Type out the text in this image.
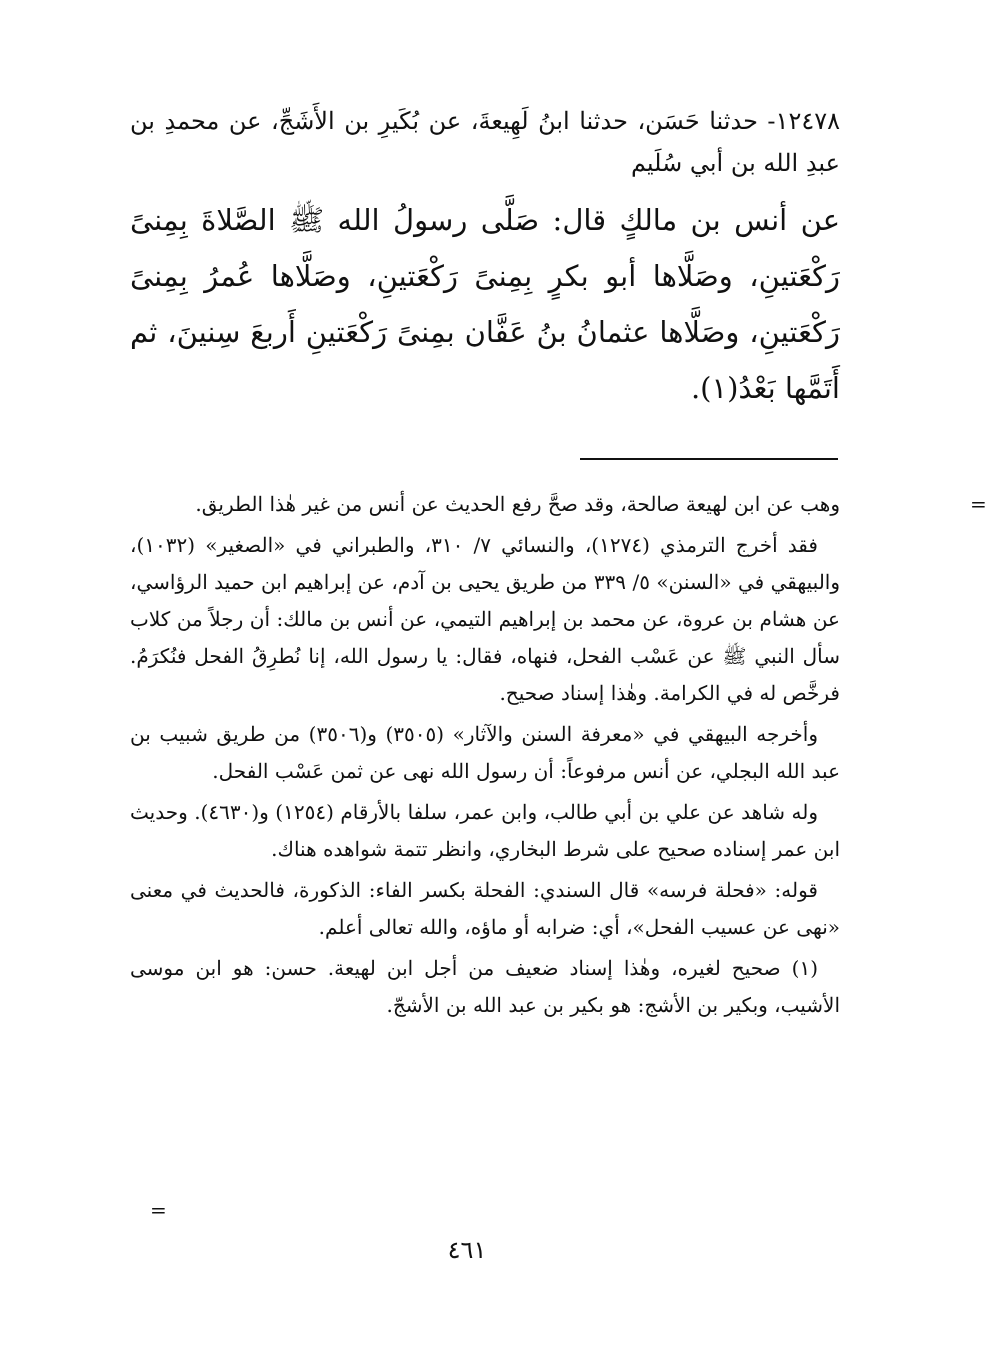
١٢٤٧٨- حدثنا حَسَن، حدثنا ابنُ لَهِيعةَ، عن بُكَيرِ بن الأَشَجِّ، عن محمدِ بن عبدِ الله بن أبي سُلَيم

عن أنس بن مالكٍ قال: صَلَّى رسولُ الله ﷺ الصَّلاةَ بِمِنىً رَكْعَتينِ، وصَلَّاها أبو بكرٍ بِمِنىً رَكْعَتينِ، وصَلَّاها عُمرُ بِمِنىً رَكْعَتينِ، وصَلَّاها عثمانُ بنُ عَفَّان بمِنىً رَكْعَتينِ أَربعَ سِنينَ، ثم أَتَمَّها بَعْدُ(١).

=
وهب عن ابن لهيعة صالحة، وقد صحَّ رفع الحديث عن أنس من غير هٰذا الطريق.

فقد أخرج الترمذي (١٢٧٤)، والنسائي ٧/ ٣١٠، والطبراني في «الصغير» (١٠٣٢)، والبيهقي في «السنن» ٥/ ٣٣٩ من طريق يحيى بن آدم، عن إبراهيم ابن حميد الرؤاسي، عن هشام بن عروة، عن محمد بن إبراهيم التيمي، عن أنس بن مالك: أن رجلاً من كلاب سأل النبي ﷺ عن عَسْب الفحل، فنهاه، فقال: يا رسول الله، إنا نُطرِقُ الفحل فنُكرَمُ. فرخَّص له في الكرامة. وهٰذا إسناد صحيح.

وأخرجه البيهقي في «معرفة السنن والآثار» (٣٥٠٥) و(٣٥٠٦) من طريق شبيب بن عبد الله البجلي، عن أنس مرفوعاً: أن رسول الله نهى عن ثمن عَسْب الفحل.

وله شاهد عن علي بن أبي طالب، وابن عمر، سلفا بالأرقام (١٢٥٤) و(٤٦٣٠). وحديث ابن عمر إسناده صحيح على شرط البخاري، وانظر تتمة شواهده هناك.

قوله: «فحلة فرسه» قال السندي: الفحلة بكسر الفاء: الذكورة، فالحديث في معنى «نهى عن عسيب الفحل»، أي: ضرابه أو ماؤه، والله تعالى أعلم.

(١) صحيح لغيره، وهٰذا إسناد ضعيف من أجل ابن لهيعة. حسن: هو ابن موسى الأشيب، وبكير بن الأشج: هو بكير بن عبد الله بن الأشجّ.

=
٤٦١
